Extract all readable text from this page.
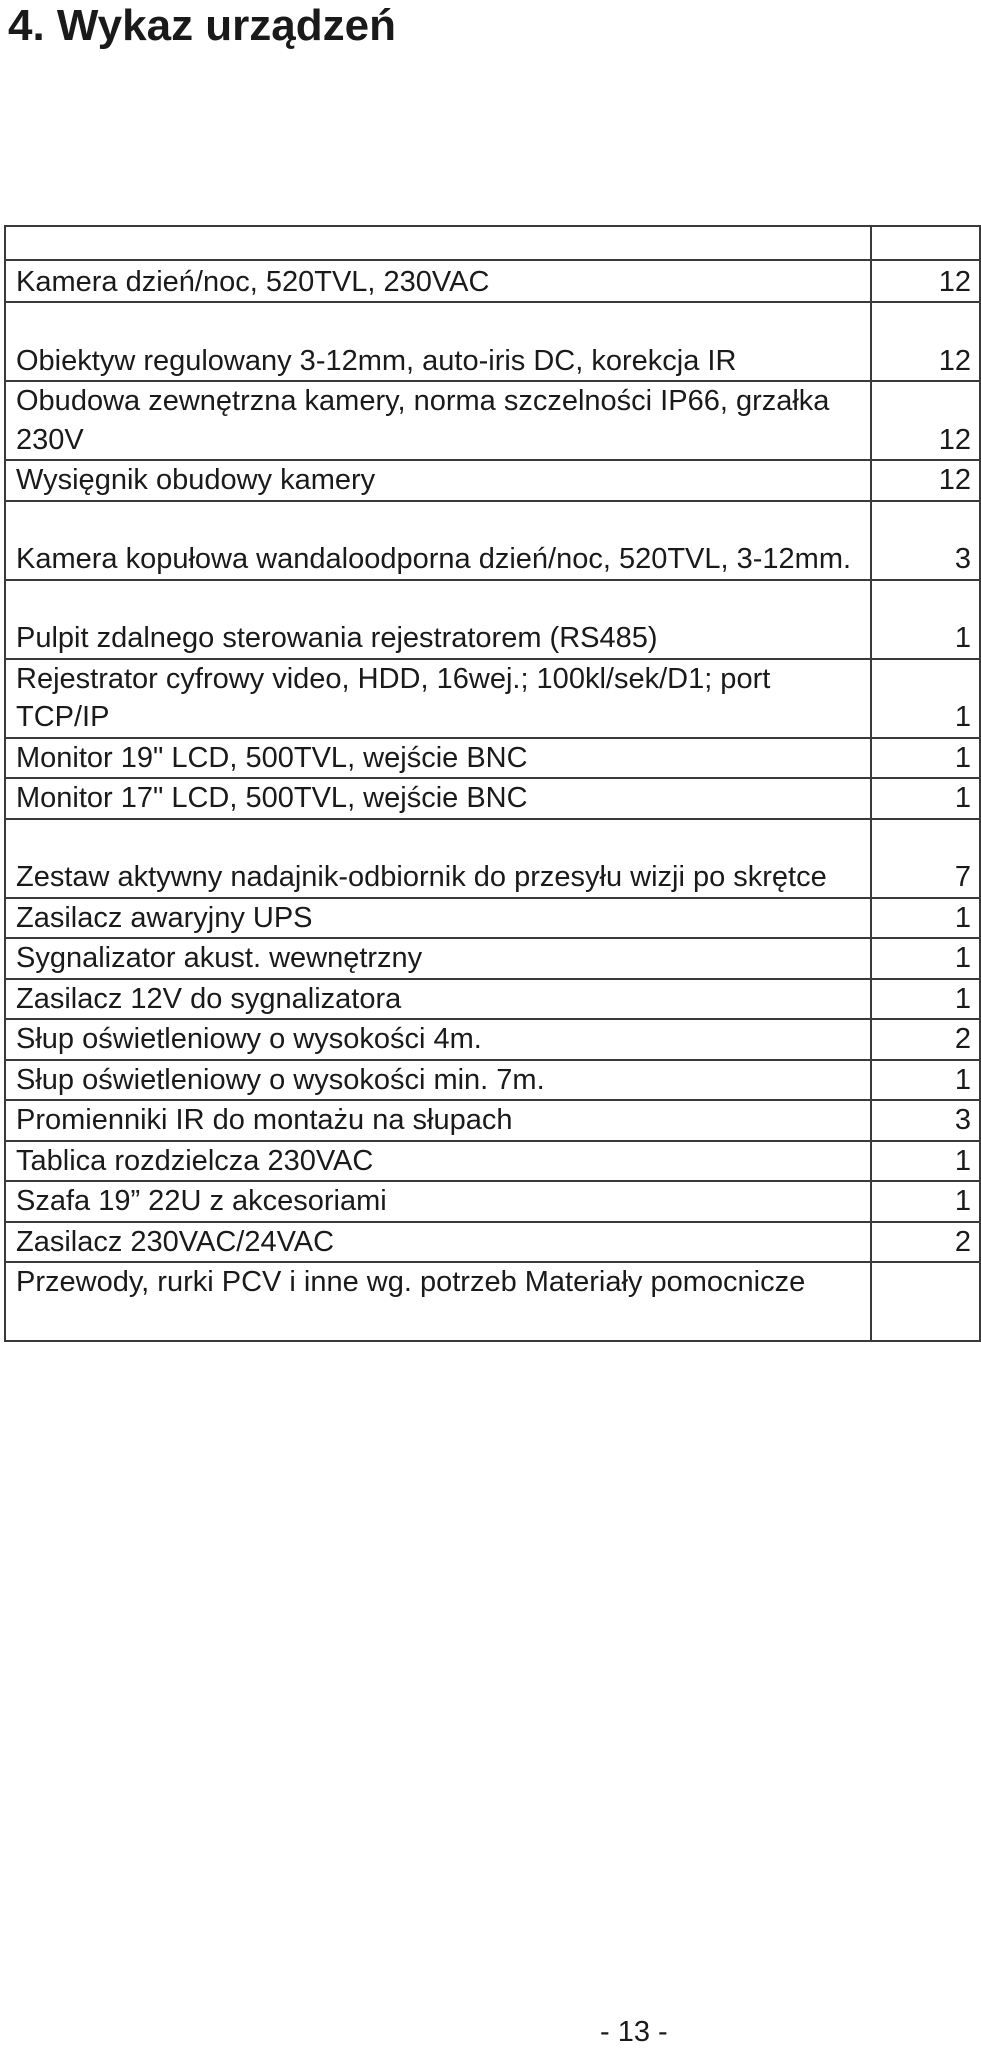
4. Wykaz urządzeń

Kamera dzień/noc, 520TVL, 230VAC	12
Obiektyw regulowany 3-12mm, auto-iris DC, korekcja IR	12
Obudowa zewnętrzna kamery, norma szczelności IP66, grzałka 230V	12
Wysięgnik obudowy kamery	12
Kamera kopułowa wandaloodporna dzień/noc, 520TVL, 3-12mm.	3
Pulpit zdalnego sterowania rejestratorem (RS485)	1
Rejestrator cyfrowy video, HDD, 16wej.; 100kl/sek/D1; port TCP/IP	1
Monitor 19" LCD, 500TVL, wejście BNC	1
Monitor 17" LCD, 500TVL, wejście BNC	1
Zestaw aktywny nadajnik-odbiornik do przesyłu wizji po skrętce	7
Zasilacz awaryjny UPS	1
Sygnalizator akust. wewnętrzny	1
Zasilacz 12V do sygnalizatora	1
Słup oświetleniowy o wysokości 4m.	2
Słup oświetleniowy o wysokości min. 7m.	1
Promienniki IR do montażu na słupach	3
Tablica rozdzielcza 230VAC	1
Szafa 19” 22U z akcesoriami	1
Zasilacz 230VAC/24VAC	2
Przewody, rurki PCV i inne wg. potrzeb Materiały pomocnicze	
- 13 -
